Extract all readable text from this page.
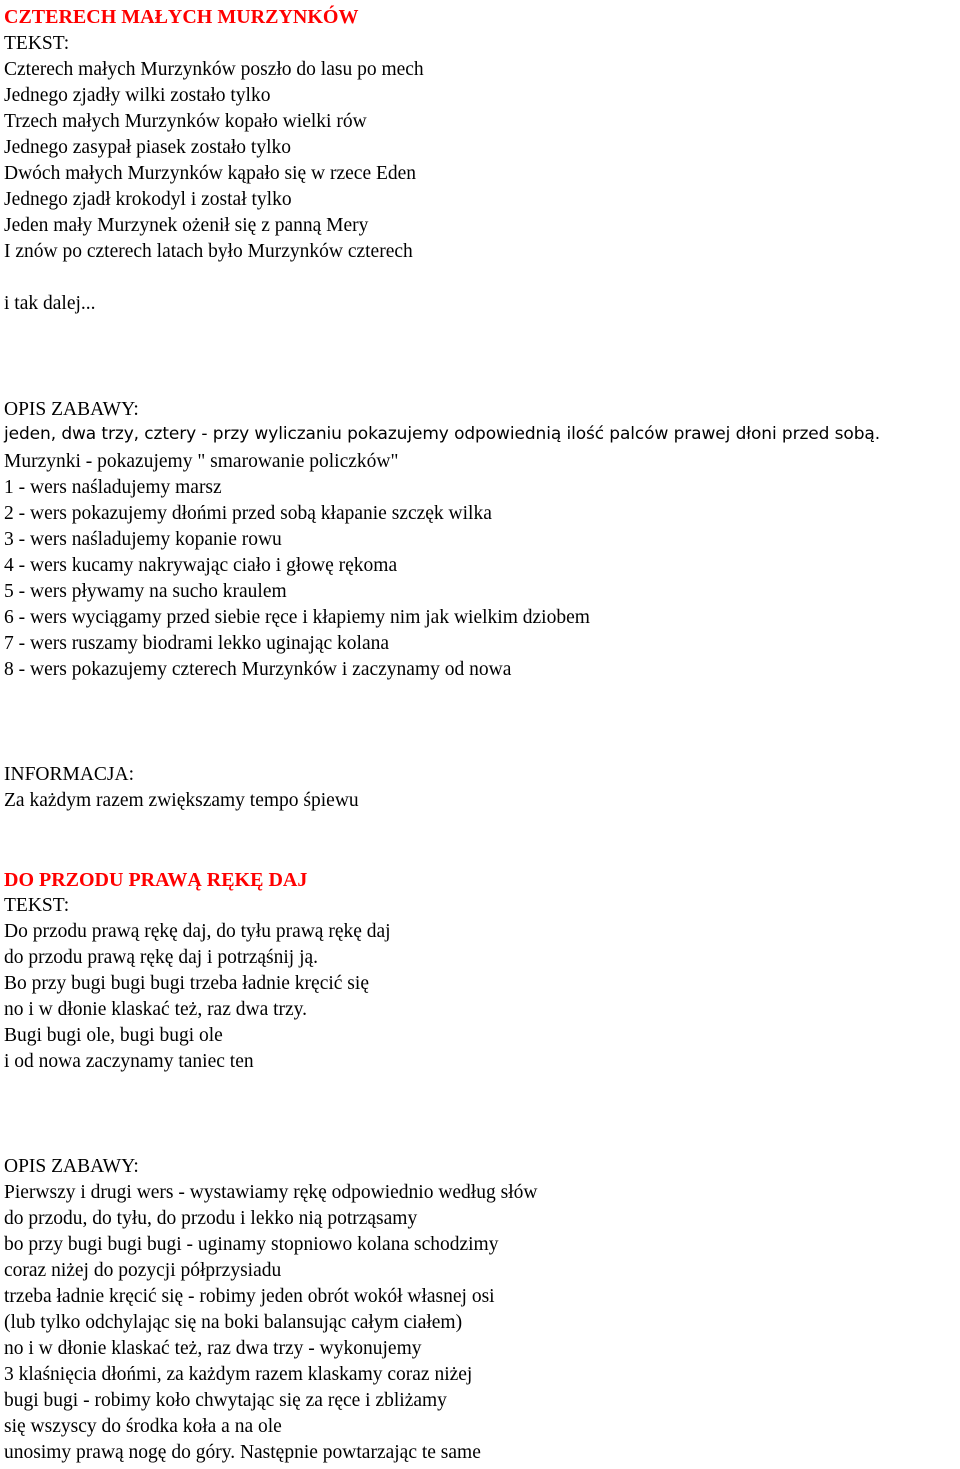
CZTERECH MAŁYCH MURZYNKÓW
TEKST:
Czterech małych Murzynków poszło do lasu po mech
Jednego zjadły wilki zostało tylko
Trzech małych Murzynków kopało wielki rów
Jednego zasypał piasek zostało tylko
Dwóch małych Murzynków kąpało się w rzece Eden
Jednego zjadł krokodyl i został tylko
Jeden mały Murzynek ożenił się z panną Mery
I znów po czterech latach było Murzynków czterech
i tak dalej...
OPIS ZABAWY:
jeden, dwa trzy, cztery - przy wyliczaniu pokazujemy odpowiednią ilość palców prawej dłoni przed sobą.
Murzynki - pokazujemy " smarowanie policzków"
1 - wers naśladujemy marsz
2 - wers pokazujemy dłońmi przed sobą kłapanie szczęk wilka
3 - wers naśladujemy kopanie rowu
4 - wers kucamy nakrywając ciało i głowę rękoma
5 - wers pływamy na sucho kraulem
6 - wers wyciągamy przed siebie ręce i kłapiemy nim jak wielkim dziobem
7 - wers ruszamy biodrami lekko uginając kolana
8 - wers pokazujemy czterech Murzynków i zaczynamy od nowa
INFORMACJA:
Za każdym razem zwiększamy tempo śpiewu
DO PRZODU PRAWĄ RĘKĘ DAJ
TEKST:
Do przodu prawą rękę daj, do tyłu prawą rękę daj
do przodu prawą rękę daj i potrząśnij ją.
Bo przy bugi bugi bugi trzeba ładnie kręcić się
no i w dłonie klaskać też, raz dwa trzy.
Bugi bugi ole, bugi bugi ole
i od nowa zaczynamy taniec ten
OPIS ZABAWY:
Pierwszy i drugi wers - wystawiamy rękę odpowiednio według słów
do przodu, do tyłu, do przodu i lekko nią potrząsamy
bo przy bugi bugi bugi - uginamy stopniowo kolana schodzimy
coraz niżej do pozycji półprzysiadu
trzeba ładnie kręcić się - robimy jeden obrót wokół własnej osi
(lub tylko odchylając się na boki balansując całym ciałem)
no i w dłonie klaskać też, raz dwa trzy - wykonujemy
3 klaśnięcia dłońmi, za każdym razem klaskamy coraz niżej
bugi bugi - robimy koło chwytając się za ręce i zbliżamy
się wszyscy do środka koła a na ole
unosimy prawą nogę do góry. Następnie powtarzając te same
